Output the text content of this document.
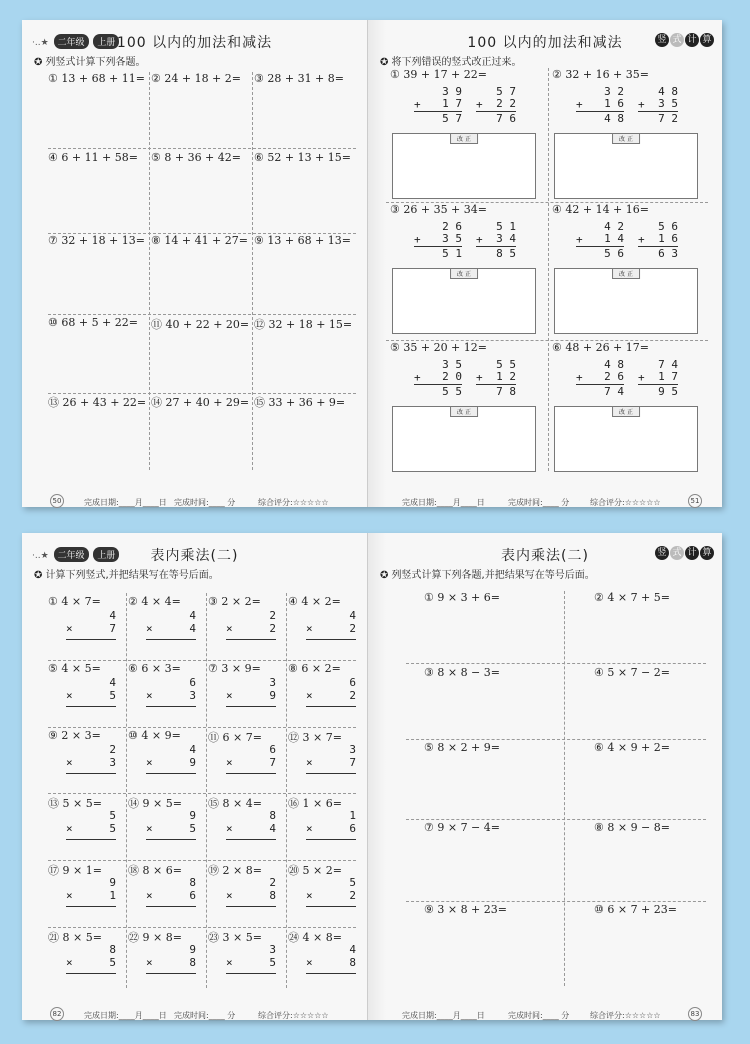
·..★ 二年级 上册 100 以内的加法和减法
✪ 列竖式计算下列各题。
① 13 + 68 + 11= ② 24 + 18 + 2=	③ 28 + 31 + 8=
④ 6 + 11 + 58=	⑤ 8 + 36 + 42=	⑥ 52 + 13 + 15=
⑦ 32 + 18 + 13= ⑧ 14 + 41 + 27= ⑨ 13 + 68 + 13=
⑩ 68 + 5 + 22=	⑪ 40 + 22 + 20= ⑫ 32 + 18 + 15=
⑬ 26 + 43 + 22= ⑭ 27 + 40 + 29= ⑮ 33 + 36 + 9=
50	完成日期:____月____日 完成时间:____ 分	综合评分:☆☆☆☆☆
100 以内的加法和减法	竖 式 计 算
✪ 将下列错误的竖式改正过来。
① 39 + 17 + 22=
3 9
1 7
+
5 7
5 7
2 2
+
7 6
改 正
② 32 + 16 + 35=
3 2
1 6
+
4 8
4 8
3 5
+
7 2
改 正
③ 26 + 35 + 34=
2 6
3 5
+
5 1
5 1
3 4
+
8 5
改 正
④ 42 + 14 + 16=
4 2
1 4
+
5 6
5 6
1 6
+
6 3
改 正
⑤ 35 + 20 + 12=
3 5
2 0
+
5 5
5 5
1 2
+
7 8
改 正
⑥ 48 + 26 + 17=
4 8
2 6
+
7 4
7 4
1 7
+
9 5
改 正
完成日期:____月____日	完成时间:____ 分	综合评分:☆☆☆☆☆	51
·..★ 二年级 上册	表内乘法(二)
✪ 计算下列竖式,并把结果写在等号后面。
① 4 × 7=
4
×	7
② 4 × 4=
4
×	4
③ 2 × 2=
2
×	2
④ 4 × 2=
4
×	2
⑤ 4 × 5=
4
×	5
⑥ 6 × 3=
6
×	3
⑦ 3 × 9=
3
×	9
⑧ 6 × 2=
6
×	2
⑨ 2 × 3=
2
×	3
⑩ 4 × 9=
4
×	9
⑪ 6 × 7=
6
×	7
⑫ 3 × 7=
3
×	7
⑬ 5 × 5=
5
×	5
⑭ 9 × 5=
9
×	5
⑮ 8 × 4=
8
×	4
⑯ 1 × 6=
1
×	6
⑰ 9 × 1=
9
×	1
⑱ 8 × 6=
8
×	6
⑲ 2 × 8=
2
×	8
⑳ 5 × 2=
5
×	2
㉑ 8 × 5=
8
×	5
㉒ 9 × 8=
9
×	8
㉓ 3 × 5=
3
×	5
㉔ 4 × 8=
4
×	8
82	完成日期:____月____日 完成时间:____ 分	综合评分:☆☆☆☆☆
表内乘法(二)	竖 式 计 算
✪ 列竖式计算下列各题,并把结果写在等号后面。
① 9 × 3 + 6=	② 4 × 7 + 5=
③ 8 × 8 − 3=	④ 5 × 7 − 2=
⑤ 8 × 2 + 9=	⑥ 4 × 9 + 2=
⑦ 9 × 7 − 4=	⑧ 8 × 9 − 8=
⑨ 3 × 8 + 23=	⑩ 6 × 7 + 23=
完成日期:____月____日	完成时间:____ 分	综合评分:☆☆☆☆☆	83
